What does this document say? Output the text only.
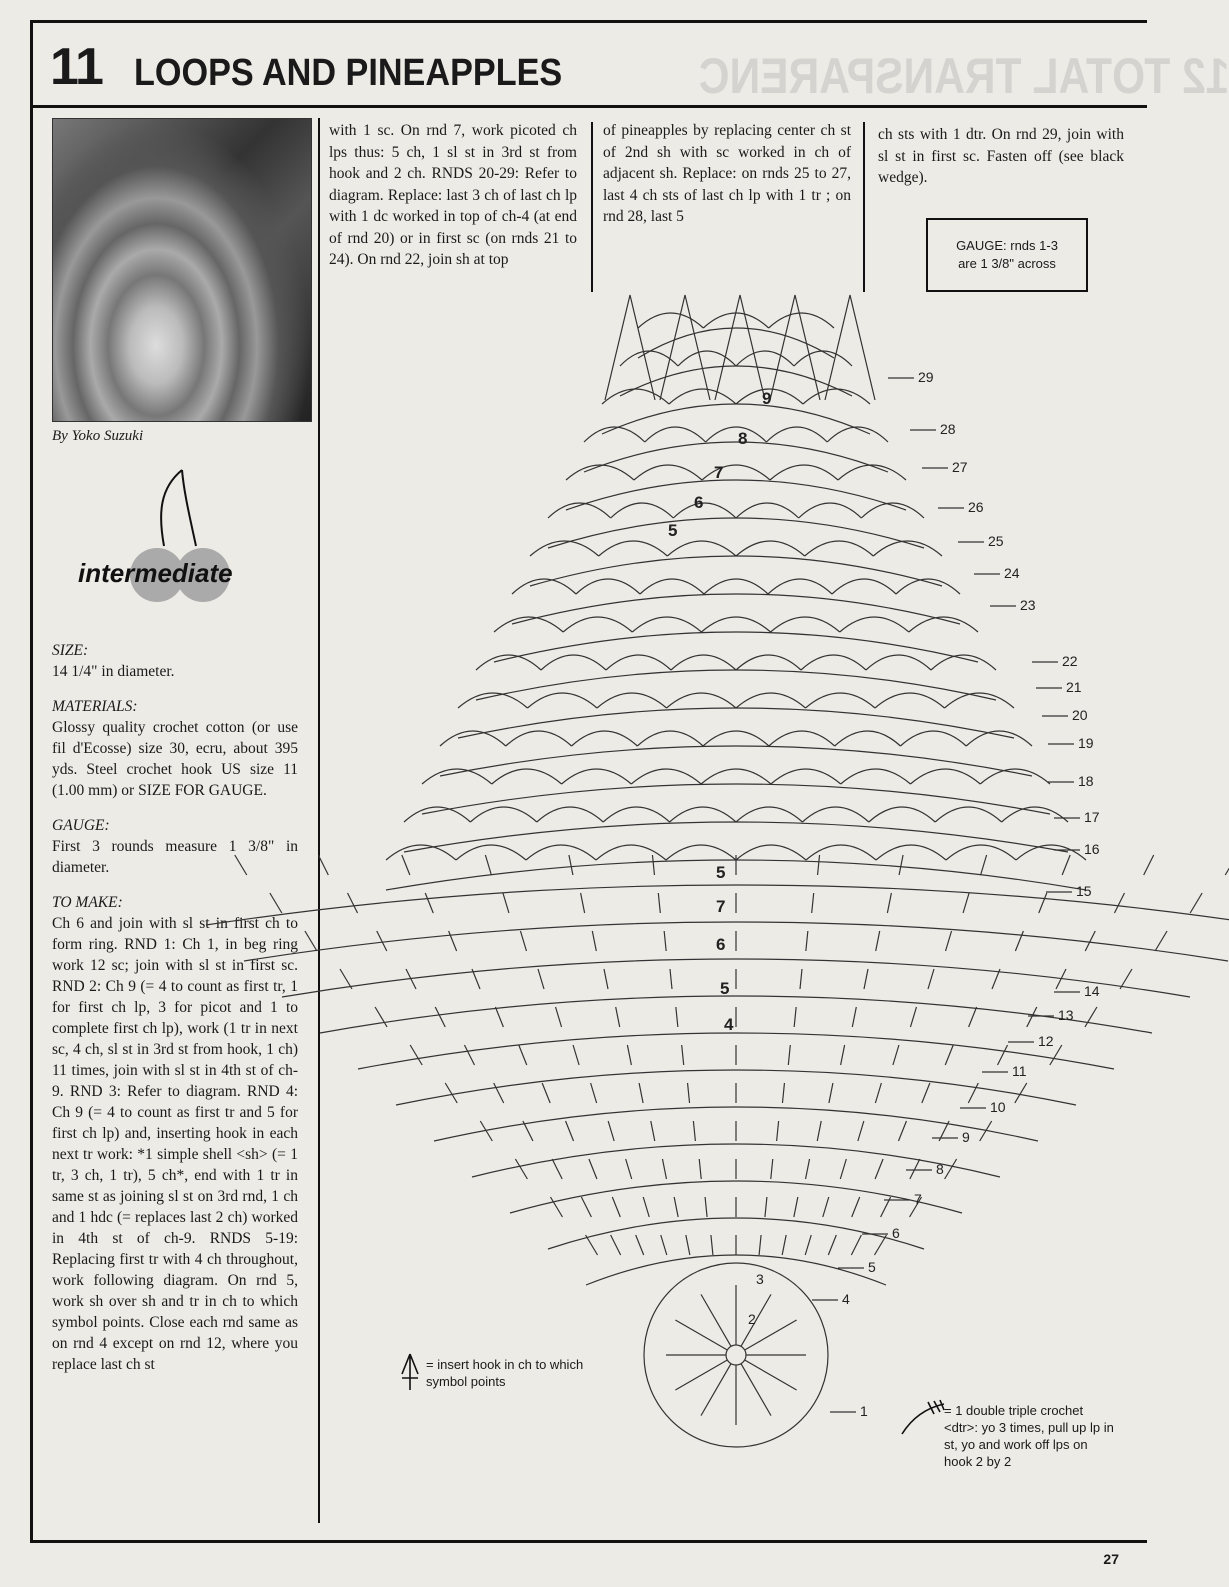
11 LOOPS AND PINEAPPLES	12 TOTAL TRANSPARENC
By Yoko Suzuki
intermediate
SIZE:

14 1/4" in diameter.

MATERIALS:

Glossy quality crochet cotton (or use fil d'Ecosse) size 30, ecru, about 395 yds. Steel crochet hook US size 11 (1.00 mm) or SIZE FOR GAUGE.

GAUGE:

First 3 rounds measure 1 3/8" in diameter.

TO MAKE:

Ch 6 and join with sl st in first ch to form ring. RND 1: Ch 1, in beg ring work 12 sc; join with sl st in first sc. RND 2: Ch 9 (= 4 to count as first tr, 1 for first ch lp, 3 for picot and 1 to complete first ch lp), work (1 tr in next sc, 4 ch, sl st in 3rd st from hook, 1 ch) 11 times, join with sl st in 4th st of ch-9. RND 3: Refer to diagram. RND 4: Ch 9 (= 4 to count as first tr and 5 for first ch lp) and, inserting hook in each next tr work: *1 simple shell <sh> (= 1 tr, 3 ch, 1 tr), 5 ch*, end with 1 tr in same st as joining sl st on 3rd rnd, 1 ch and 1 hdc (= replaces last 2 ch) worked in 4th st of ch-9. RNDS 5-19: Replacing first tr with 4 ch throughout, work following diagram. On rnd 5, work sh over sh and tr in ch to which symbol points. Close each rnd same as on rnd 4 except on rnd 12, where you replace last ch st

with 1 sc. On rnd 7, work picoted ch lps thus: 5 ch, 1 sl st in 3rd st from hook and 2 ch. RNDS 20-29: Refer to diagram. Replace: last 3 ch of last ch lp with 1 dc worked in top of ch-4 (at end of rnd 20) or in first sc (on rnds 21 to 24). On rnd 22, join sh at top
of pineapples by replacing center ch st of 2nd sh with sc worked in ch of adjacent sh. Replace: on rnds 25 to 27, last 4 ch sts of last ch lp with 1 tr ; on rnd 28, last 5
ch sts with 1 dtr. On rnd 29, join with sl st in first sc. Fasten off (see black wedge).
GAUGE: rnds 1-3
are 1 3/8" across
29
28
27
26
25
24
23
22
21
20
19
18
17
16
15
14
13
12
11
10
9
8
7
6
5
4
1
9
8
7
6
5
5
7
6
5
4
3
2
= insert hook in ch to which symbol points
= 1 double triple crochet <dtr>: yo 3 times, pull up lp in st, yo and work off lps on hook 2 by 2
27
